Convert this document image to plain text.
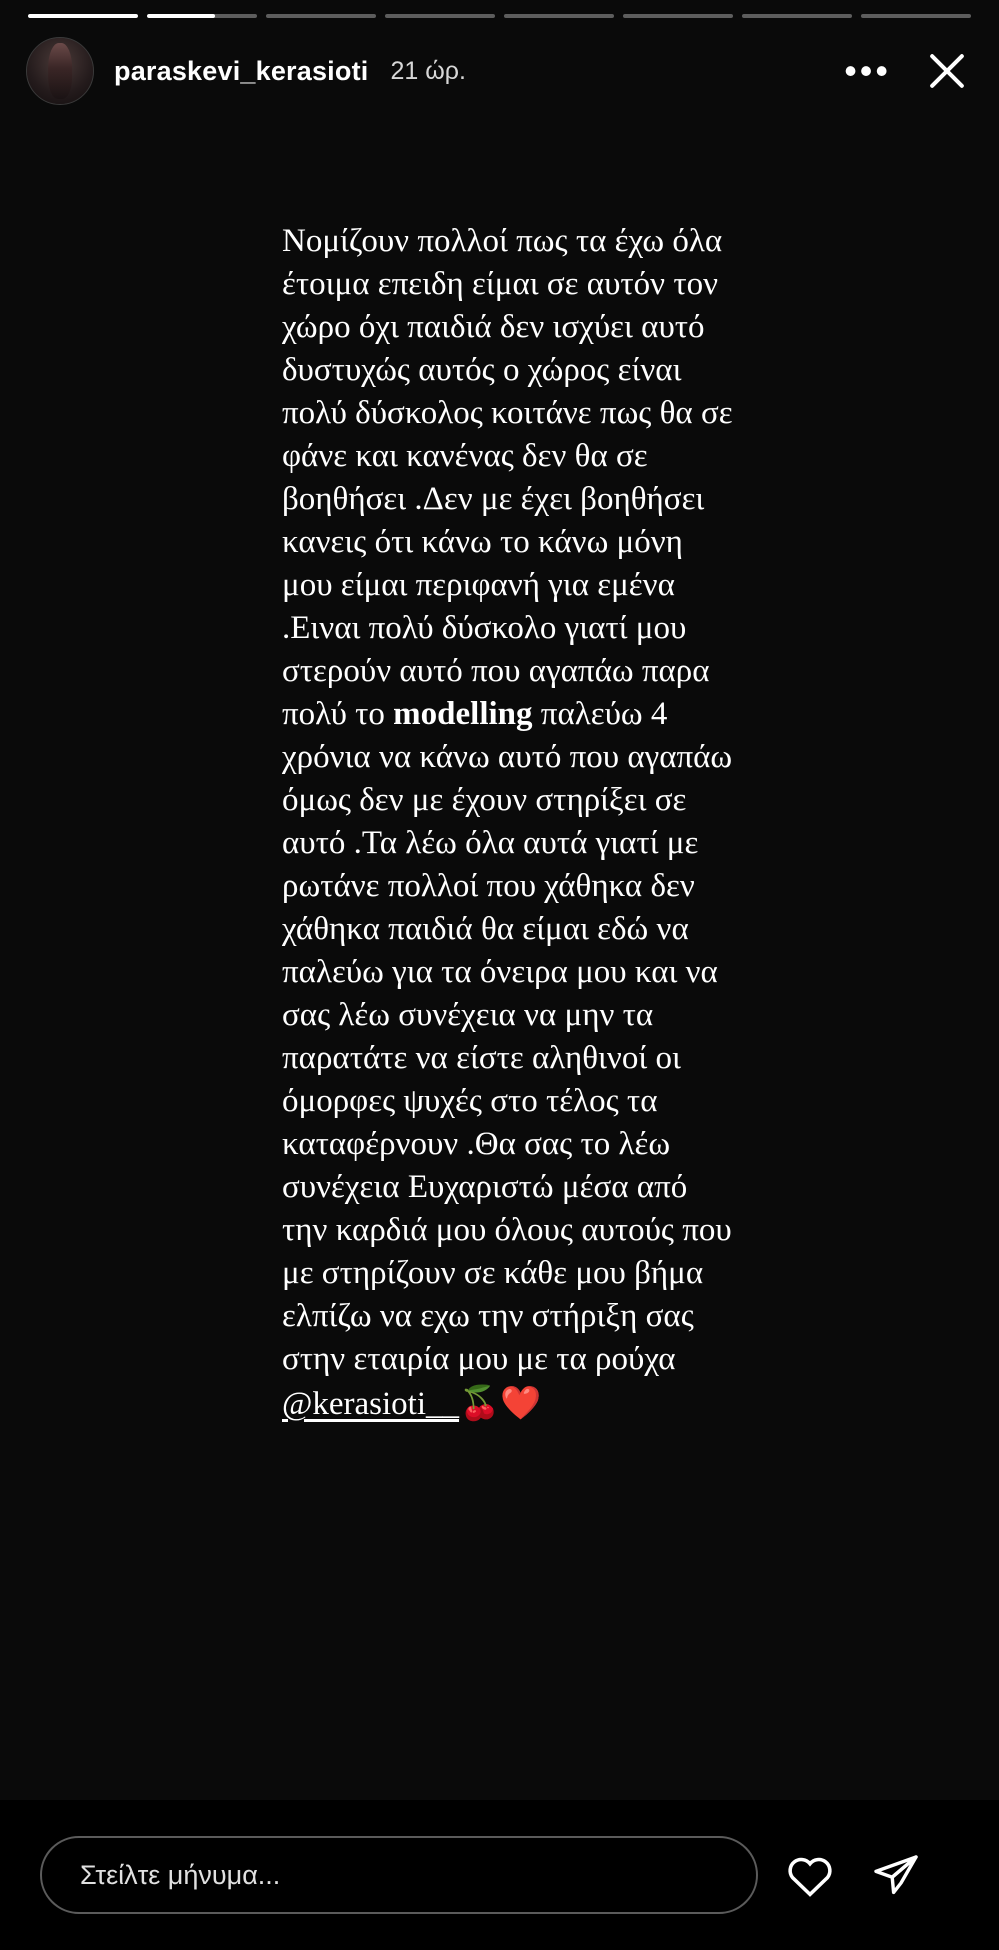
paraskevi_kerasioti 21 ώρ.	•••
Νομίζουν πολλοί πως τα έχω όλα έτοιμα επειδη είμαι σε αυτόν τον χώρο όχι παιδιά δεν ισχύει αυτό δυστυχώς αυτός ο χώρος είναι πολύ δύσκολος κοιτάνε πως θα σε φάνε και κανένας δεν θα σε βοηθήσει .Δεν με έχει βοηθήσει κανεις ότι κάνω το κάνω μόνη μου είμαι περιφανή για εμένα .Ειναι πολύ δύσκολο γιατί μου στερούν αυτό που αγαπάω παρα πολύ το modelling παλεύω 4 χρόνια να κάνω αυτό που αγαπάω όμως δεν με έχουν στηρίξει σε αυτό .Τα λέω όλα αυτά γιατί με ρωτάνε πολλοί που χάθηκα δεν χάθηκα παιδιά θα είμαι εδώ να παλεύω για τα όνειρα μου και να σας λέω συνέχεια να μην τα παρατάτε να είστε αληθινοί οι όμορφες ψυχές στο τέλος τα καταφέρνουν .Θα σας το λέω συνέχεια Ευχαριστώ μέσα από την καρδιά μου όλους αυτούς που με στηρίζουν σε κάθε μου βήμα ελπίζω να εχω την στήριξη σας στην εταιρία μου με τα ρούχα  @kerasioti__🍒❤️
Στείλτε μήνυμα...
